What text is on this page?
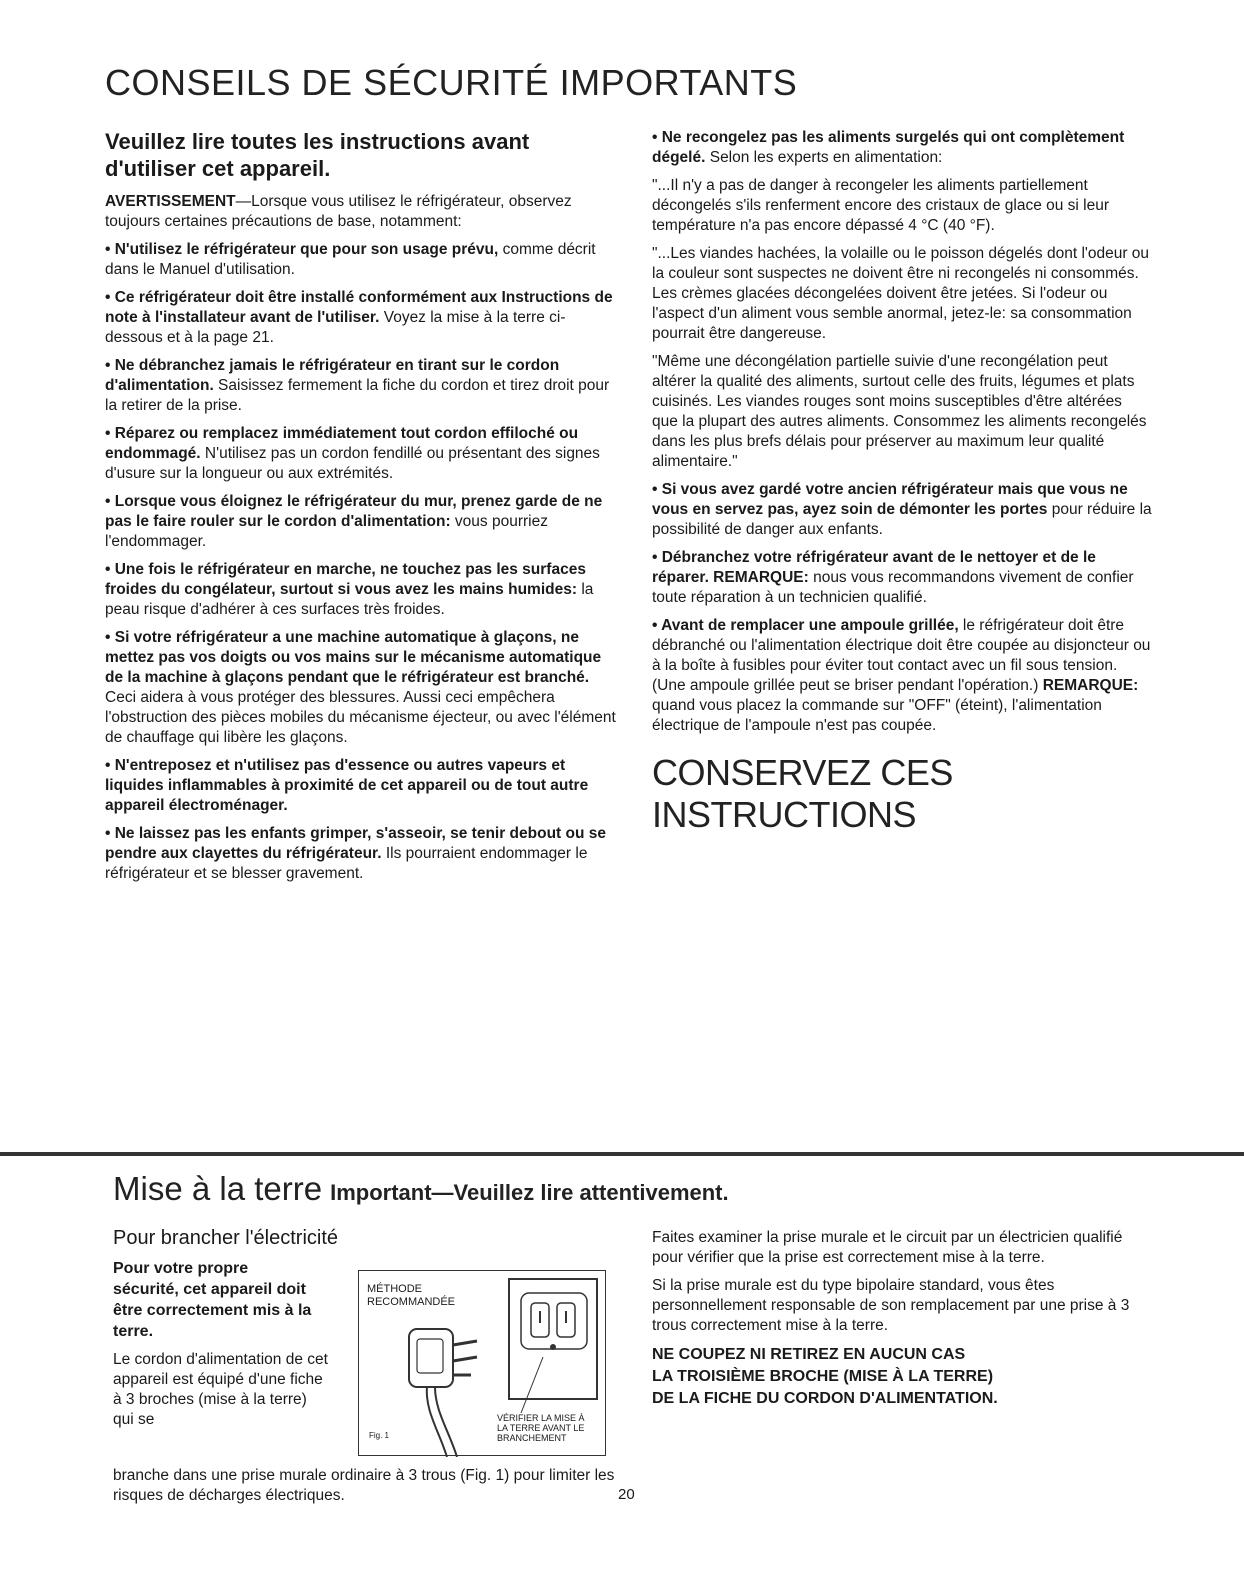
CONSEILS DE SÉCURITÉ IMPORTANTS
Veuillez lire toutes les instructions avant d'utiliser cet appareil.

AVERTISSEMENT—Lorsque vous utilisez le réfrigérateur, observez toujours certaines précautions de base, notamment:

• N'utilisez le réfrigérateur que pour son usage prévu, comme décrit dans le Manuel d'utilisation.

• Ce réfrigérateur doit être installé conformément aux Instructions de note à l'installateur avant de l'utiliser. Voyez la mise à la terre ci-dessous et à la page 21.

• Ne débranchez jamais le réfrigérateur en tirant sur le cordon d'alimentation. Saisissez fermement la fiche du cordon et tirez droit pour la retirer de la prise.

• Réparez ou remplacez immédiatement tout cordon effiloché ou endommagé. N'utilisez pas un cordon fendillé ou présentant des signes d'usure sur la longueur ou aux extrémités.

• Lorsque vous éloignez le réfrigérateur du mur, prenez garde de ne pas le faire rouler sur le cordon d'alimentation: vous pourriez l'endommager.

• Une fois le réfrigérateur en marche, ne touchez pas les surfaces froides du congélateur, surtout si vous avez les mains humides: la peau risque d'adhérer à ces surfaces très froides.

• Si votre réfrigérateur a une machine automatique à glaçons, ne mettez pas vos doigts ou vos mains sur le mécanisme automatique de la machine à glaçons pendant que le réfrigérateur est branché. Ceci aidera à vous protéger des blessures. Aussi ceci empêchera l'obstruction des pièces mobiles du mécanisme éjecteur, ou avec l'élément de chauffage qui libère les glaçons.

• N'entreposez et n'utilisez pas d'essence ou autres vapeurs et liquides inflammables à proximité de cet appareil ou de tout autre appareil électroménager.

• Ne laissez pas les enfants grimper, s'asseoir, se tenir debout ou se pendre aux clayettes du réfrigérateur. Ils pourraient endommager le réfrigérateur et se blesser gravement.

• Ne recongelez pas les aliments surgelés qui ont complètement dégelé. Selon les experts en alimentation:

"...Il n'y a pas de danger à recongeler les aliments partiellement décongelés s'ils renferment encore des cristaux de glace ou si leur température n'a pas encore dépassé 4 °C (40 °F).

"...Les viandes hachées, la volaille ou le poisson dégelés dont l'odeur ou la couleur sont suspectes ne doivent être ni recongelés ni consommés. Les crèmes glacées décongelées doivent être jetées. Si l'odeur ou l'aspect d'un aliment vous semble anormal, jetez-le: sa consommation pourrait être dangereuse.

"Même une décongélation partielle suivie d'une recongélation peut altérer la qualité des aliments, surtout celle des fruits, légumes et plats cuisinés. Les viandes rouges sont moins susceptibles d'être altérées que la plupart des autres aliments. Consommez les aliments recongelés dans les plus brefs délais pour préserver au maximum leur qualité alimentaire."

• Si vous avez gardé votre ancien réfrigérateur mais que vous ne vous en servez pas, ayez soin de démonter les portes pour réduire la possibilité de danger aux enfants.

• Débranchez votre réfrigérateur avant de le nettoyer et de le réparer. REMARQUE: nous vous recommandons vivement de confier toute réparation à un technicien qualifié.

• Avant de remplacer une ampoule grillée, le réfrigérateur doit être débranché ou l'alimentation électrique doit être coupée au disjoncteur ou à la boîte à fusibles pour éviter tout contact avec un fil sous tension. (Une ampoule grillée peut se briser pendant l'opération.) REMARQUE: quand vous placez la commande sur "OFF" (éteint), l'alimentation électrique de l'ampoule n'est pas coupée.

CONSERVEZ CES INSTRUCTIONS
Mise à la terre Important—Veuillez lire attentivement.
Pour brancher l'électricité

Pour votre propre sécurité, cet appareil doit être correctement mis à la terre.

Le cordon d'alimentation de cet appareil est équipé d'une fiche à 3 broches (mise à la terre) qui se

MÉTHODE
RECOMMANDÉE
VÉRIFIER LA MISE À LA TERRE AVANT LE BRANCHEMENT
Fig. 1
branche dans une prise murale ordinaire à 3 trous (Fig. 1) pour limiter les risques de décharges électriques.

Faites examiner la prise murale et le circuit par un électricien qualifié pour vérifier que la prise est correctement mise à la terre.

Si la prise murale est du type bipolaire standard, vous êtes personnellement responsable de son remplacement par une prise à 3 trous correctement mise à la terre.

NE COUPEZ NI RETIREZ EN AUCUN CAS

LA TROISIÈME BROCHE (MISE À LA TERRE)

DE LA FICHE DU CORDON D'ALIMENTATION.

20
